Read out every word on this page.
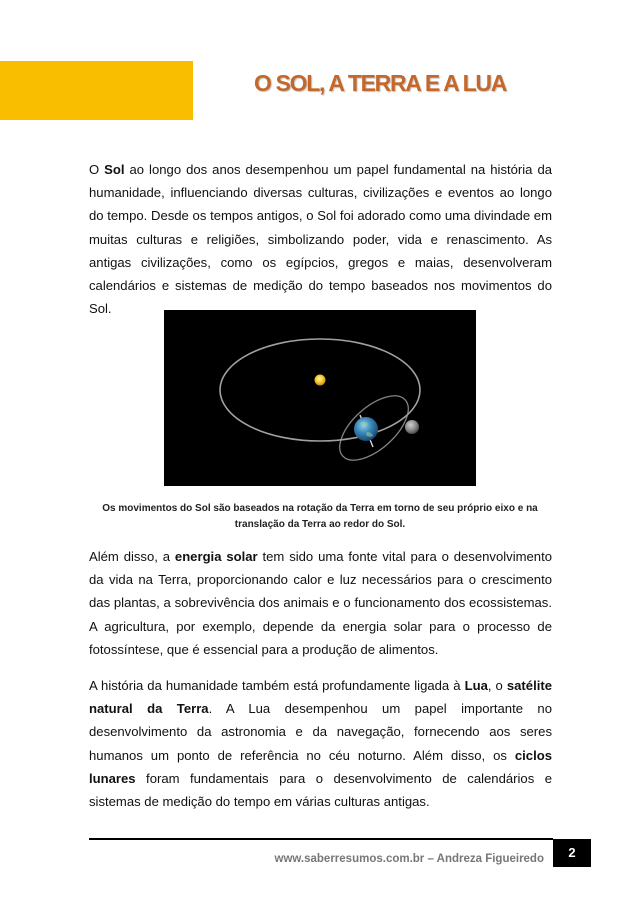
O SOL, A TERRA E A LUA

O Sol ao longo dos anos desempenhou um papel fundamental na história da humanidade, influenciando diversas culturas, civilizações e eventos ao longo do tempo. Desde os tempos antigos, o Sol foi adorado como uma divindade em muitas culturas e religiões, simbolizando poder, vida e renascimento. As antigas civilizações, como os egípcios, gregos e maias, desenvolveram calendários e sistemas de medição do tempo baseados nos movimentos do Sol.

Os movimentos do Sol são baseados na rotação da Terra em torno de seu próprio eixo e na translação da Terra ao redor do Sol.

Além disso, a energia solar tem sido uma fonte vital para o desenvolvimento da vida na Terra, proporcionando calor e luz necessários para o crescimento das plantas, a sobrevivência dos animais e o funcionamento dos ecossistemas. A agricultura, por exemplo, depende da energia solar para o processo de fotossíntese, que é essencial para a produção de alimentos.

A história da humanidade também está profundamente ligada à Lua, o satélite natural da Terra. A Lua desempenhou um papel importante no desenvolvimento da astronomia e da navegação, fornecendo aos seres humanos um ponto de referência no céu noturno. Além disso, os ciclos lunares foram fundamentais para o desenvolvimento de calendários e sistemas de medição do tempo em várias culturas antigas.

www.saberresumos.com.br – Andreza Figueiredo	2
